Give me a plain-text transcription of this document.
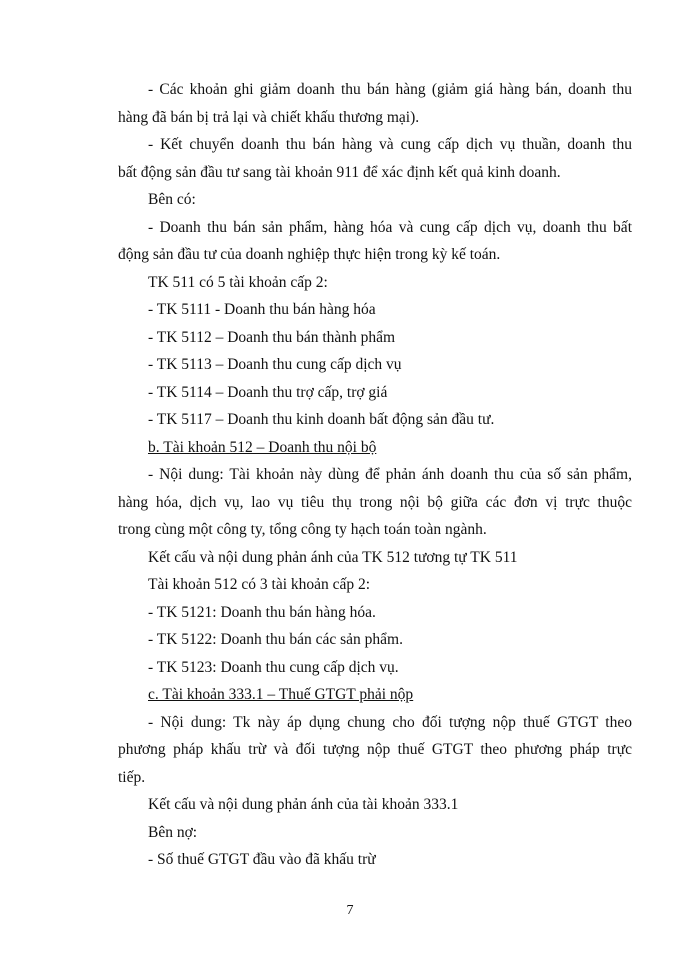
- Các khoản ghi giảm doanh thu bán hàng (giảm giá hàng bán, doanh thu
hàng đã bán bị trả lại và chiết khấu thương mại).
- Kết chuyển doanh thu bán hàng và cung cấp dịch vụ thuần, doanh thu
bất động sản đầu tư sang tài khoản 911 để xác định kết quả kinh doanh.
Bên có:
- Doanh thu bán sản phẩm, hàng hóa và cung cấp dịch vụ, doanh thu bất
động sản đầu tư của doanh nghiệp thực hiện trong kỳ kế toán.
TK 511 có 5 tài khoản cấp 2:
- TK 5111 - Doanh thu bán hàng hóa
- TK 5112 – Doanh thu bán thành phẩm
- TK 5113 – Doanh thu cung cấp dịch vụ
- TK 5114 – Doanh thu trợ cấp, trợ giá
- TK 5117 – Doanh thu kinh doanh bất động sản đầu tư.
b. Tài khoản 512 – Doanh thu nội bộ
- Nội dung: Tài khoản này dùng để phản ánh doanh thu của số sản phẩm,
hàng hóa, dịch vụ, lao vụ tiêu thụ trong nội bộ giữa các đơn vị trực thuộc
trong cùng một công ty, tổng công ty hạch toán toàn ngành.
Kết cấu và nội dung phản ánh của TK 512 tương tự TK 511
Tài khoản 512 có 3 tài khoản cấp 2:
- TK 5121: Doanh thu bán hàng hóa.
- TK 5122: Doanh thu bán các sản phẩm.
- TK 5123: Doanh thu cung cấp dịch vụ.
c. Tài khoản 333.1 – Thuế GTGT phải nộp
- Nội dung: Tk này áp dụng chung cho đối tượng nộp thuế GTGT theo
phương pháp khấu trừ và đối tượng nộp thuế GTGT theo phương pháp trực
tiếp.
Kết cấu và nội dung phản ánh của tài khoản 333.1
Bên nợ:
- Số thuế GTGT đầu vào đã khấu trừ
7
